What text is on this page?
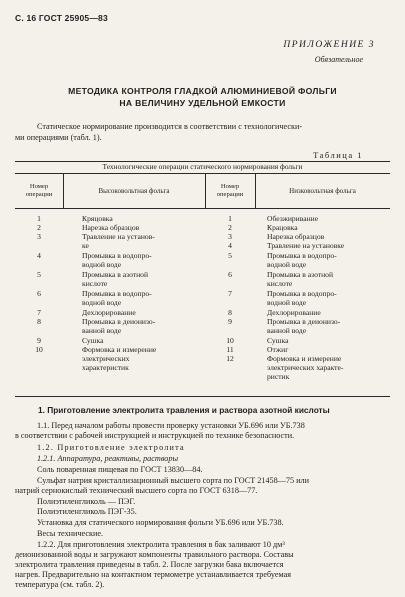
С. 16 ГОСТ 25905—83
ПРИЛОЖЕНИЕ 3
Обязательное
МЕТОДИКА КОНТРОЛЯ ГЛАДКОЙ АЛЮМИНИЕВОЙ ФОЛЬГИ
НА ВЕЛИЧИНУ УДЕЛЬНОЙ ЕМКОСТИ
Статическое нормирование производится в соответствии с технологически-
ми операциями (табл. 1).
Таблица 1
Технологические операции статического нормирования фольги
Номер
операции	Высоковольтная фольга
Номер
операции	Низковольтная фольга
1
2
3
4
5
6
7
8
9
10
Кряцовка
Нарезка образцов
Травление на установ-
ке
Промывка в водопро-
водной воде
Промывка в азотной
кислоте
Промывка в водопро-
водной воде
Дехлорирование
Промывка в деионизо-
ванной воде
Сушка
Формовка и измерение
электрических
характеристик
1
2
3
4
5
6
7
8
9
10
11
12
Обезжиривание
Крацовка
Нарезка образцов
Травление на установке
Промывка в водопро-
водной воде
Промывка в азотной
кислоте
Промывка в водопро-
водной воде
Дехлорирование
Промывка в деионизо-
ванной воде
Сушка
Отжиг
Формовка и измерение
электрических характе-
ристик
1. Приготовление электролита травления и раствора азотной кислоты
1.1. Перед началом работы провести проверку установки УБ.696 или УБ.738
в соответствии с рабочей инструкцией и инструкцией по технике безопасности.
1.2. Приготовление электролита
1.2.1. Аппаратура, реактивы, растворы
Соль поваренная пищевая по ГОСТ 13830—84.
Сульфат натрия кристаллизационный высшего сорта по ГОСТ 21458—75 или
натрий сернокислый технический высшего сорта по ГОСТ 6318—77.
Полиэтиленгликоль — ПЭГ.
Полиэтиленгликоль ПЭГ-35.
Установка для статического нормирования фольги УБ.696 или УБ.738.
Весы технические.
1.2.2. Для приготовления электролита травления в бак заливают 10 дм³
деионизованной воды и загружают компоненты травильного раствора. Составы
электролита травления приведены в табл. 2. После загрузки бака включается
нагрев. Предварительно на контактном термометре устанавливается требуемая
температура (см. табл. 2).
